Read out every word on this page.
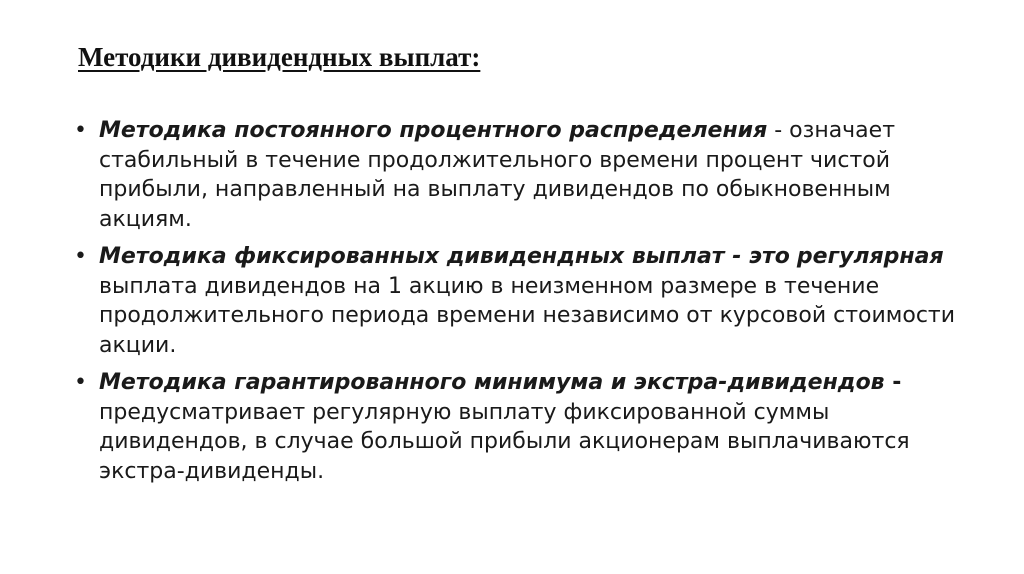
Методики дивидендных выплат:
• Методика постоянного процентного распределения - означает стабильный в течение продолжительного времени процент чистой прибыли, направленный на выплату дивидендов по обыкновенным акциям.
• Методика фиксированных дивидендных выплат - это регулярная выплата дивидендов на 1 акцию в неизменном размере в течение продолжительного периода времени независимо от курсовой стоимости акции.
• Методика гарантированного минимума и экстра-дивидендов - предусматривает регулярную выплату фиксированной суммы дивидендов, в случае большой прибыли акционерам выплачиваются экстра-дивиденды.
